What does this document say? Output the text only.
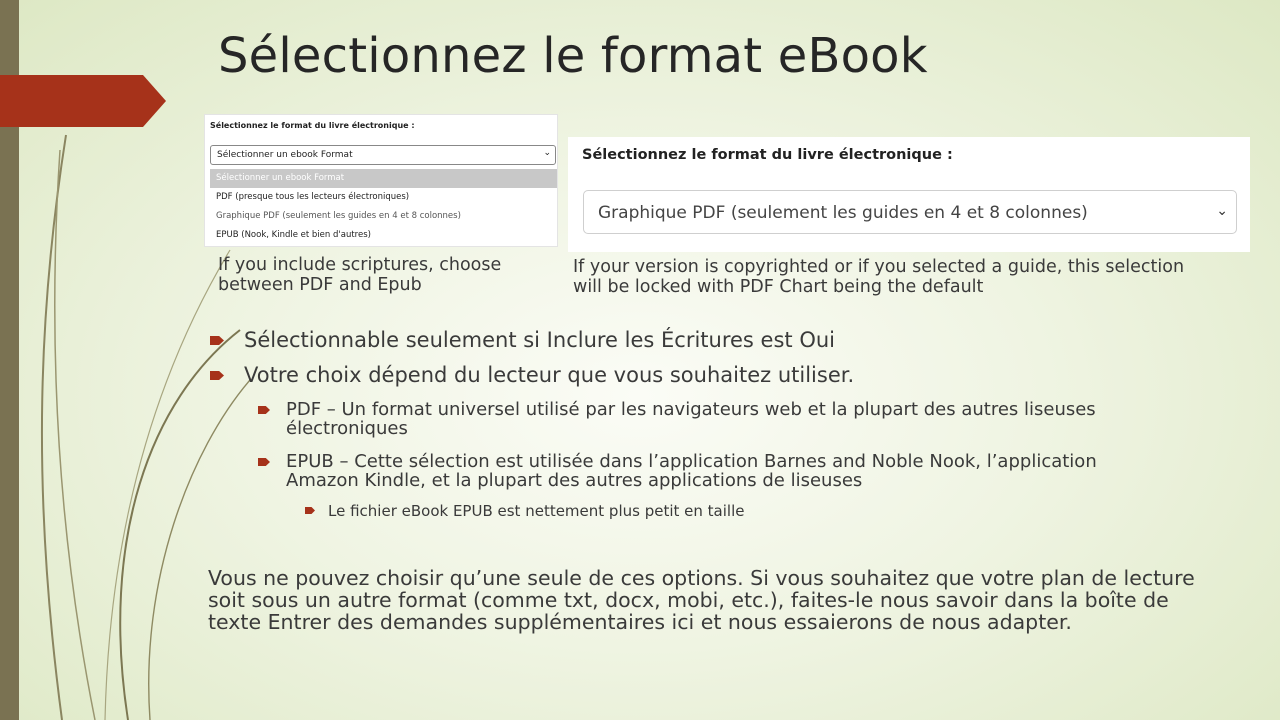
Sélectionnez le format eBook
Sélectionnez le format du livre électronique :
Sélectionner un ebook Format	⌄
Sélectionner un ebook Format
PDF (presque tous les lecteurs électroniques)
Graphique PDF (seulement les guides en 4 et 8 colonnes)
EPUB (Nook, Kindle et bien d'autres)
Sélectionnez le format du livre électronique :
Graphique PDF (seulement les guides en 4 et 8 colonnes)	⌄
If you include scriptures, choose between PDF and Epub
If your version is copyrighted or if you selected a guide, this selection will be locked with PDF Chart being the default
Sélectionnable seulement si Inclure les Écritures est Oui
Votre choix dépend du lecteur que vous souhaitez utiliser.
PDF – Un format universel utilisé par les navigateurs web et la plupart des autres liseuses électroniques
EPUB – Cette sélection est utilisée dans l’application Barnes and Noble Nook, l’application Amazon Kindle, et la plupart des autres applications de liseuses
Le fichier eBook EPUB est nettement plus petit en taille
Vous ne pouvez choisir qu’une seule de ces options. Si vous souhaitez que votre plan de lecture soit sous un autre format (comme txt, docx, mobi, etc.), faites-le nous savoir dans la boîte de texte Entrer des demandes supplémentaires ici et nous essaierons de nous adapter.
